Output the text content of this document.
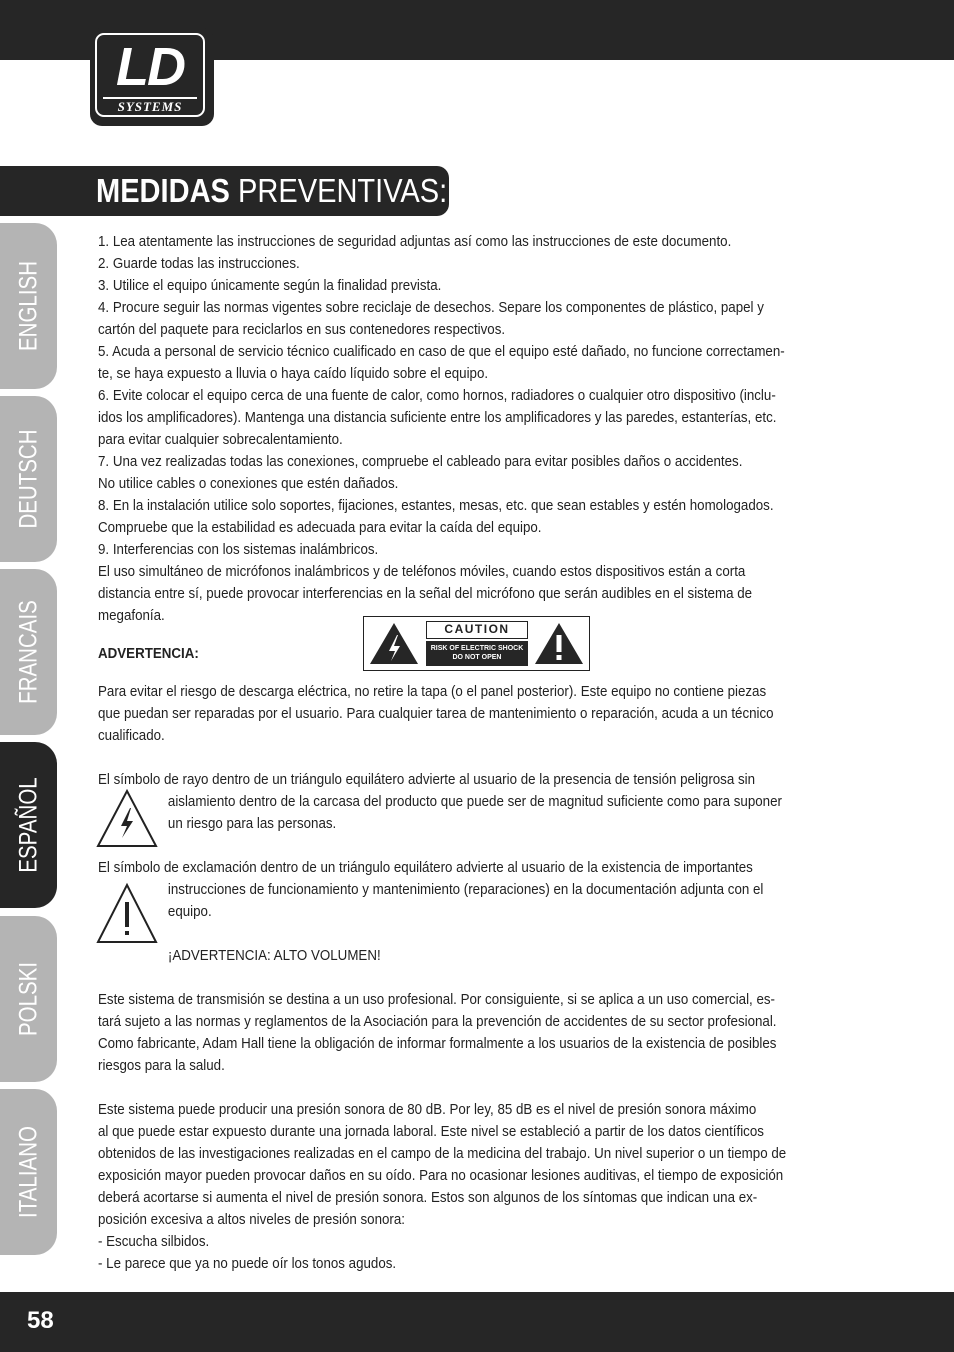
LD
SYSTEMS
MEDIDAS PREVENTIVAS:
ENGLISH
DEUTSCH
FRANCAIS
ESPAÑOL
POLSKI
ITALIANO
1. Lea atentamente las instrucciones de seguridad adjuntas así como las instrucciones de este documento.
2. Guarde todas las instrucciones.
3. Utilice el equipo únicamente según la finalidad prevista.
4. Procure seguir las normas vigentes sobre reciclaje de desechos. Separe los componentes de plástico, papel y
cartón del paquete para reciclarlos en sus contenedores respectivos.
5. Acuda a personal de servicio técnico cualificado en caso de que el equipo esté dañado, no funcione correctamen-
te, se haya expuesto a lluvia o haya caído líquido sobre el equipo.
6. Evite colocar el equipo cerca de una fuente de calor, como hornos, radiadores o cualquier otro dispositivo (inclu-
idos los amplificadores). Mantenga una distancia suficiente entre los amplificadores y las paredes, estanterías, etc.
para evitar cualquier sobrecalentamiento.
7. Una vez realizadas todas las conexiones, compruebe el cableado para evitar posibles daños o accidentes.
No utilice cables o conexiones que estén dañados.
8. En la instalación utilice solo soportes, fijaciones, estantes, mesas, etc. que sean estables y estén homologados.
Compruebe que la estabilidad es adecuada para evitar la caída del equipo.
9. Interferencias con los sistemas inalámbricos.
El uso simultáneo de micrófonos inalámbricos y de teléfonos móviles, cuando estos dispositivos están a corta
distancia entre sí, puede provocar interferencias en la señal del micrófono que serán audibles en el sistema de
megafonía.
ADVERTENCIA:
Para evitar el riesgo de descarga eléctrica, no retire la tapa (o el panel posterior). Este equipo no contiene piezas
que puedan ser reparadas por el usuario. Para cualquier tarea de mantenimiento o reparación, acuda a un técnico
cualificado.
El símbolo de rayo dentro de un triángulo equilátero advierte al usuario de la presencia de tensión peligrosa sin
aislamiento dentro de la carcasa del producto que puede ser de magnitud suficiente como para suponer
un riesgo para las personas.
El símbolo de exclamación dentro de un triángulo equilátero advierte al usuario de la existencia de importantes
instrucciones de funcionamiento y mantenimiento (reparaciones) en la documentación adjunta con el
equipo.
¡ADVERTENCIA: ALTO VOLUMEN!
Este sistema de transmisión se destina a un uso profesional. Por consiguiente, si se aplica a un uso comercial, es-
tará sujeto a las normas y reglamentos de la Asociación para la prevención de accidentes de su sector profesional.
Como fabricante, Adam Hall tiene la obligación de informar formalmente a los usuarios de la existencia de posibles
riesgos para la salud.
Este sistema puede producir una presión sonora de 80 dB. Por ley, 85 dB es el nivel de presión sonora máximo
al que puede estar expuesto durante una jornada laboral. Este nivel se estableció a partir de los datos científicos
obtenidos de las investigaciones realizadas en el campo de la medicina del trabajo. Un nivel superior o un tiempo de
exposición mayor pueden provocar daños en su oído. Para no ocasionar lesiones auditivas, el tiempo de exposición
deberá acortarse si aumenta el nivel de presión sonora. Estos son algunos de los síntomas que indican una ex-
posición excesiva a altos niveles de presión sonora:
- Escucha silbidos.
- Le parece que ya no puede oír los tonos agudos.
CAUTION
RISK OF ELECTRIC SHOCK
DO NOT OPEN
58
